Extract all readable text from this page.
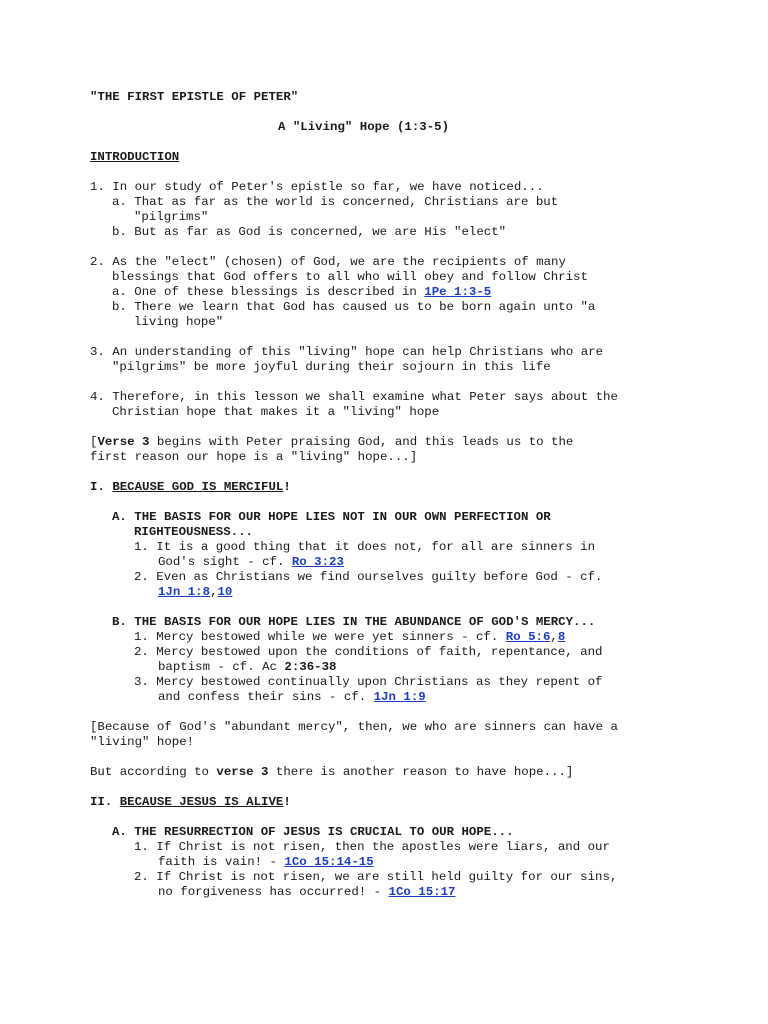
"THE FIRST EPISTLE OF PETER"
A "Living" Hope (1:3-5)
INTRODUCTION
1. In our study of Peter's epistle so far, we have noticed...
a. That as far as the world is concerned, Christians are but
"pilgrims"
b. But as far as God is concerned, we are His "elect"
2. As the "elect" (chosen) of God, we are the recipients of many
blessings that God offers to all who will obey and follow Christ
a. One of these blessings is described in 1Pe 1:3-5
b. There we learn that God has caused us to be born again unto "a
living hope"
3. An understanding of this "living" hope can help Christians who are
"pilgrims" be more joyful during their sojourn in this life
4. Therefore, in this lesson we shall examine what Peter says about the
Christian hope that makes it a "living" hope
[Verse 3 begins with Peter praising God, and this leads us to the
first reason our hope is a "living" hope...]
I. BECAUSE GOD IS MERCIFUL!
A. THE BASIS FOR OUR HOPE LIES NOT IN OUR OWN PERFECTION OR
RIGHTEOUSNESS...
1. It is a good thing that it does not, for all are sinners in
God's sight - cf. Ro 3:23
2. Even as Christians we find ourselves guilty before God - cf.
1Jn 1:8,10
B. THE BASIS FOR OUR HOPE LIES IN THE ABUNDANCE OF GOD'S MERCY...
1. Mercy bestowed while we were yet sinners - cf. Ro 5:6,8
2. Mercy bestowed upon the conditions of faith, repentance, and
baptism - cf. Ac 2:36-38
3. Mercy bestowed continually upon Christians as they repent of
and confess their sins - cf. 1Jn 1:9
[Because of God's "abundant mercy", then, we who are sinners can have a
"living" hope!
But according to verse 3 there is another reason to have hope...]
II. BECAUSE JESUS IS ALIVE!
A. THE RESURRECTION OF JESUS IS CRUCIAL TO OUR HOPE...
1. If Christ is not risen, then the apostles were liars, and our
faith is vain! - 1Co 15:14-15
2. If Christ is not risen, we are still held guilty for our sins,
no forgiveness has occurred! - 1Co 15:17
